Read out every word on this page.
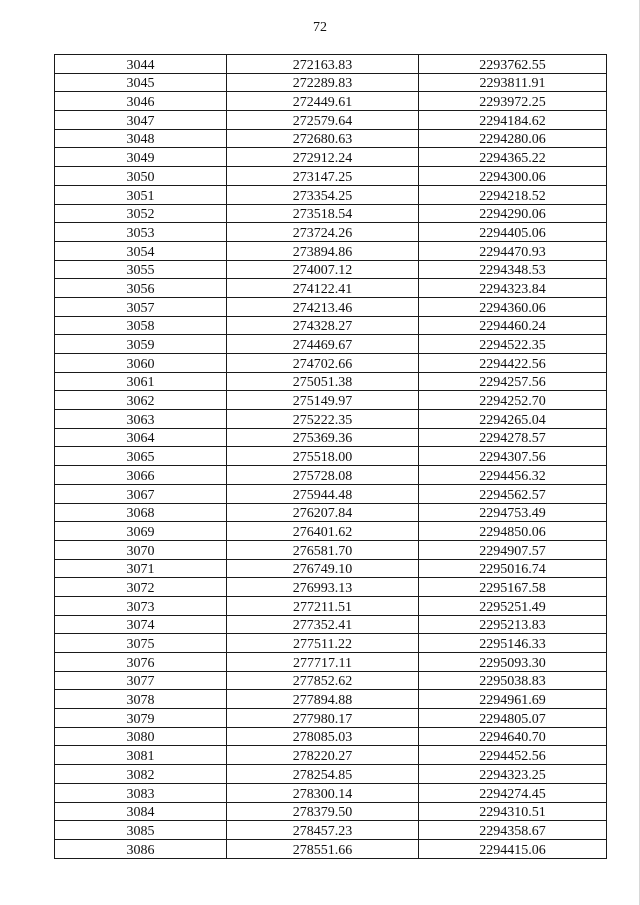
72
3044	272163.83	2293762.55
3045	272289.83	2293811.91
3046	272449.61	2293972.25
3047	272579.64	2294184.62
3048	272680.63	2294280.06
3049	272912.24	2294365.22
3050	273147.25	2294300.06
3051	273354.25	2294218.52
3052	273518.54	2294290.06
3053	273724.26	2294405.06
3054	273894.86	2294470.93
3055	274007.12	2294348.53
3056	274122.41	2294323.84
3057	274213.46	2294360.06
3058	274328.27	2294460.24
3059	274469.67	2294522.35
3060	274702.66	2294422.56
3061	275051.38	2294257.56
3062	275149.97	2294252.70
3063	275222.35	2294265.04
3064	275369.36	2294278.57
3065	275518.00	2294307.56
3066	275728.08	2294456.32
3067	275944.48	2294562.57
3068	276207.84	2294753.49
3069	276401.62	2294850.06
3070	276581.70	2294907.57
3071	276749.10	2295016.74
3072	276993.13	2295167.58
3073	277211.51	2295251.49
3074	277352.41	2295213.83
3075	277511.22	2295146.33
3076	277717.11	2295093.30
3077	277852.62	2295038.83
3078	277894.88	2294961.69
3079	277980.17	2294805.07
3080	278085.03	2294640.70
3081	278220.27	2294452.56
3082	278254.85	2294323.25
3083	278300.14	2294274.45
3084	278379.50	2294310.51
3085	278457.23	2294358.67
3086	278551.66	2294415.06
